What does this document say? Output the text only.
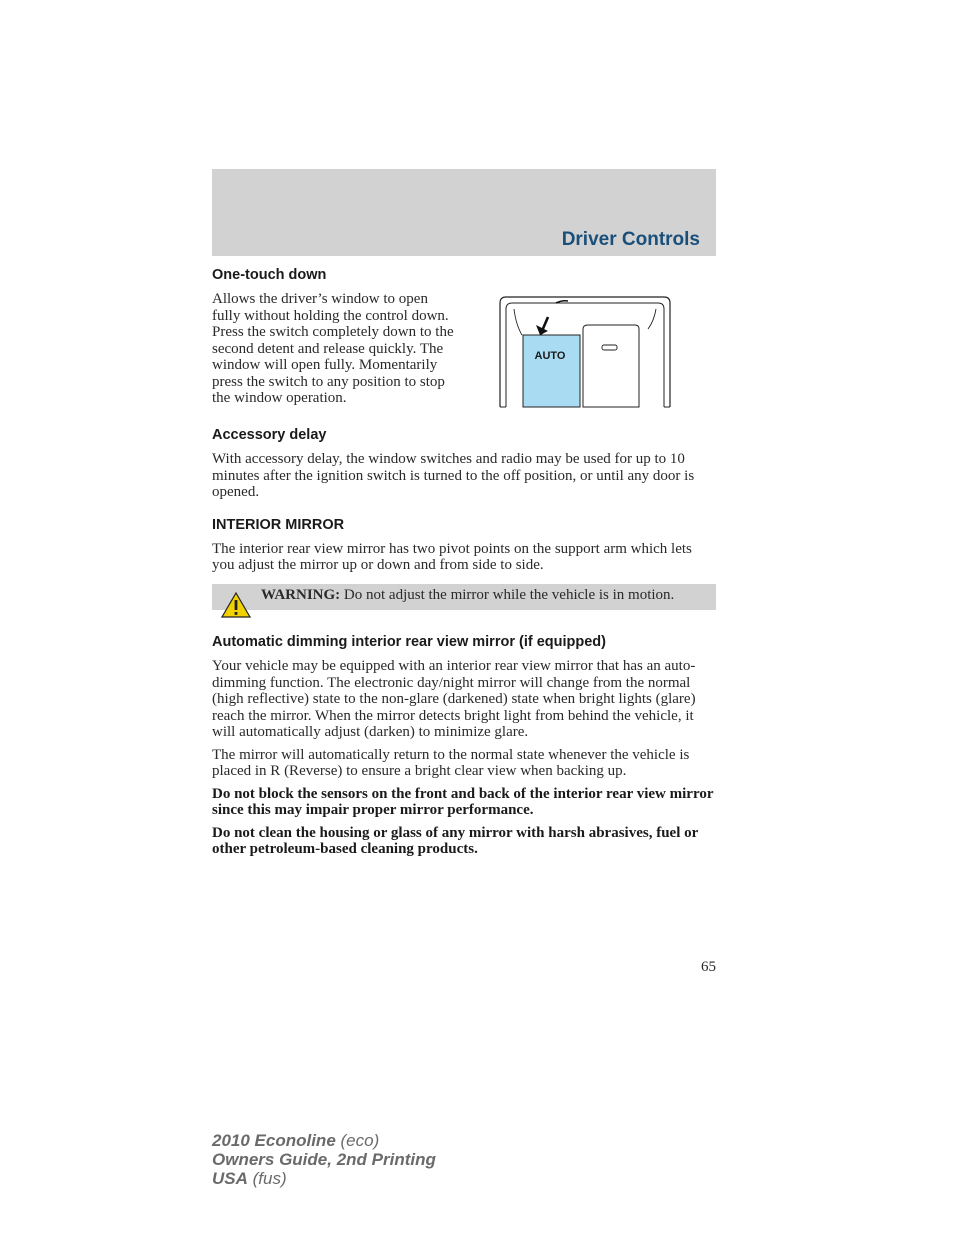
Driver Controls
One-touch down

Allows the driver’s window to open fully without holding the control down. Press the switch completely down to the second detent and release quickly. The window will open fully. Momentarily press the switch to any position to stop the window operation.

AUTO
Accessory delay

With accessory delay, the window switches and radio may be used for up to 10 minutes after the ignition switch is turned to the off position, or until any door is opened.

INTERIOR MIRROR

The interior rear view mirror has two pivot points on the support arm which lets you adjust the mirror up or down and from side to side.

WARNING: Do not adjust the mirror while the vehicle is in motion.

Automatic dimming interior rear view mirror (if equipped)

Your vehicle may be equipped with an interior rear view mirror that has an auto-dimming function. The electronic day/night mirror will change from the normal (high reflective) state to the non-glare (darkened) state when bright lights (glare) reach the mirror. When the mirror detects bright light from behind the vehicle, it will automatically adjust (darken) to minimize glare.

The mirror will automatically return to the normal state whenever the vehicle is placed in R (Reverse) to ensure a bright clear view when backing up.

Do not block the sensors on the front and back of the interior rear view mirror since this may impair proper mirror performance.

Do not clean the housing or glass of any mirror with harsh abrasives, fuel or other petroleum-based cleaning products.

65
2010 Econoline (eco)
Owners Guide, 2nd Printing
USA (fus)
